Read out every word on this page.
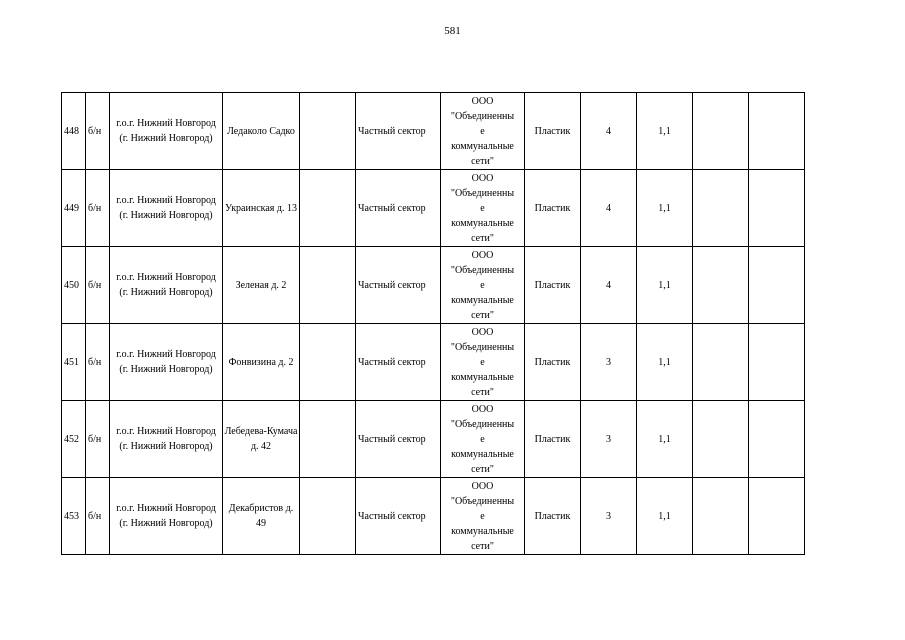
581
448	б/н	г.о.г. Нижний Новгород (г. Нижний Новгород)	Ледаколо Садко		Частный сектор	ООО
"Объединенны
е
коммунальные
сети"	Пластик	4	1,1		
449	б/н	г.о.г. Нижний Новгород (г. Нижний Новгород)	Украинская д. 13		Частный сектор	ООО
"Объединенны
е
коммунальные
сети"	Пластик	4	1,1		
450	б/н	г.о.г. Нижний Новгород (г. Нижний Новгород)	Зеленая д. 2		Частный сектор	ООО
"Объединенны
е
коммунальные
сети"	Пластик	4	1,1		
451	б/н	г.о.г. Нижний Новгород (г. Нижний Новгород)	Фонвизина д. 2		Частный сектор	ООО
"Объединенны
е
коммунальные
сети"	Пластик	3	1,1		
452	б/н	г.о.г. Нижний Новгород (г. Нижний Новгород)	Лебедева-Кумача д. 42		Частный сектор	ООО
"Объединенны
е
коммунальные
сети"	Пластик	3	1,1		
453	б/н	г.о.г. Нижний Новгород (г. Нижний Новгород)	Декабристов д. 49		Частный сектор	ООО
"Объединенны
е
коммунальные
сети"	Пластик	3	1,1		
